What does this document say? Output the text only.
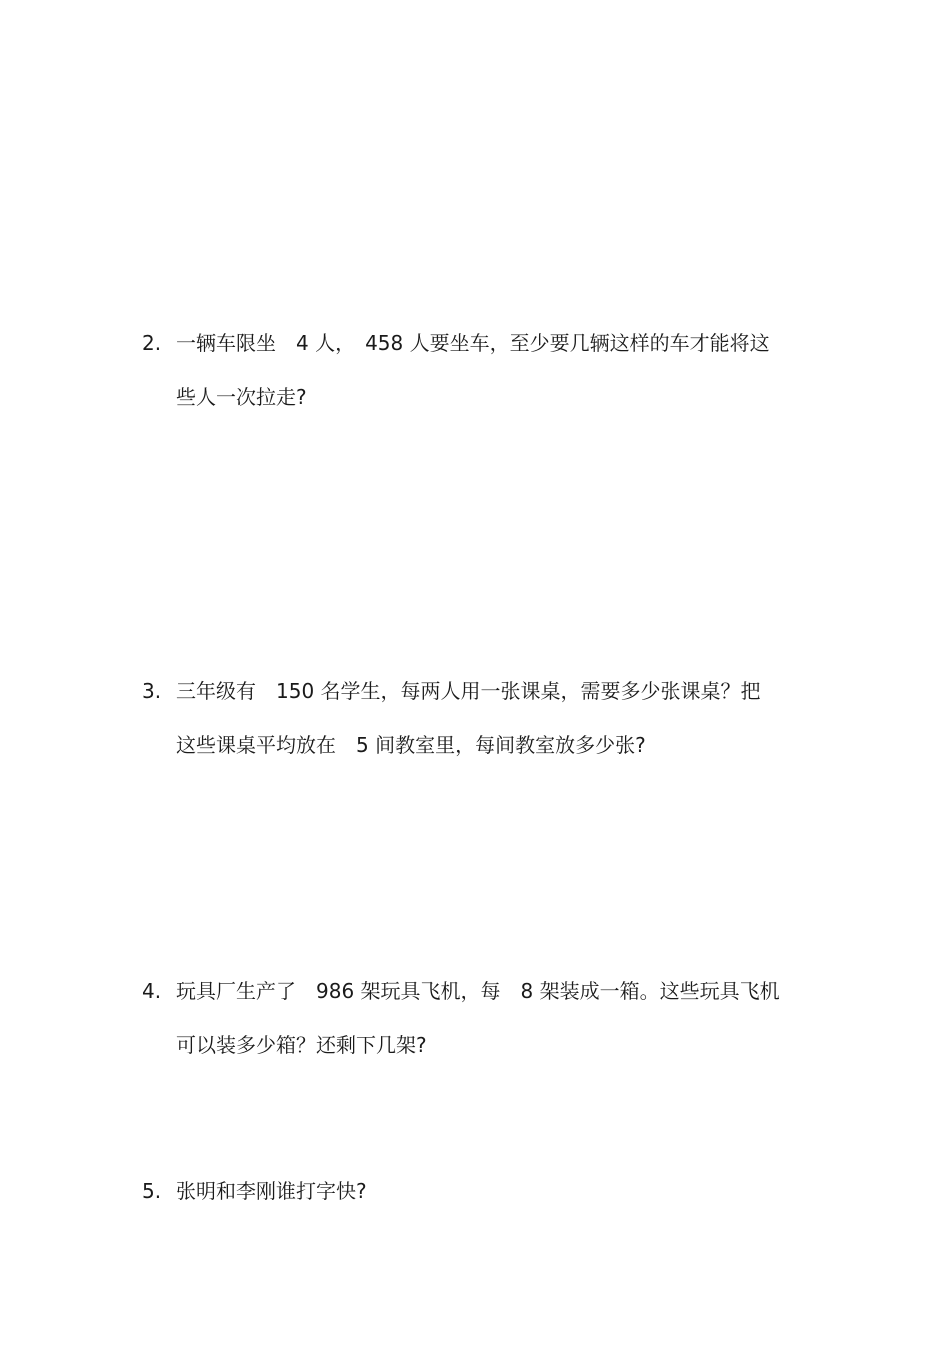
2. 一辆车限坐　4 人，　458 人要坐车，至少要几辆这样的车才能将这
些人一次拉走?
3. 三年级有　150 名学生，每两人用一张课桌，需要多少张课桌？把
这些课桌平均放在　5 间教室里，每间教室放多少张?
4. 玩具厂生产了　986 架玩具飞机，每　8 架装成一箱。这些玩具飞机
可以装多少箱？还剩下几架?
5. 张明和李刚谁打字快?
